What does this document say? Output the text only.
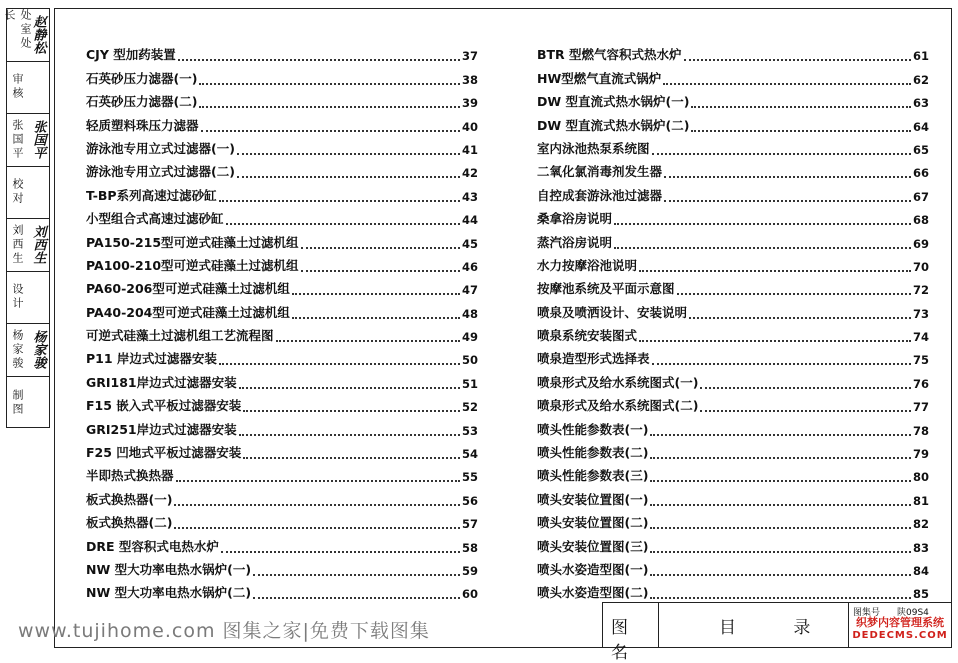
处室处长	赵静松
审核
张国平 张国平
校对
刘西生 刘西生
设计
杨家骏 杨家骏
制图
CJY 型加药装置	37
石英砂压力滤器(一)	38
石英砂压力滤器(二)	39
轻质塑料珠压力滤器	40
游泳池专用立式过滤器(一)	41
游泳池专用立式过滤器(二)	42
T-BP系列高速过滤砂缸	43
小型组合式高速过滤砂缸	44
PA150-215型可逆式硅藻土过滤机组	45
PA100-210型可逆式硅藻土过滤机组	46
PA60-206型可逆式硅藻土过滤机组	47
PA40-204型可逆式硅藻土过滤机组	48
可逆式硅藻土过滤机组工艺流程图	49
P11 岸边式过滤器安装	50
GRI181岸边式过滤器安装	51
F15 嵌入式平板过滤器安装	52
GRI251岸边式过滤器安装	53
F25 凹地式平板过滤器安装	54
半即热式换热器	55
板式换热器(一)	56
板式换热器(二)	57
DRE 型容积式电热水炉	58
NW 型大功率电热水锅炉(一)	59
NW 型大功率电热水锅炉(二)	60
BTR 型燃气容积式热水炉	61
HW型燃气直流式锅炉	62
DW 型直流式热水锅炉(一)	63
DW 型直流式热水锅炉(二)	64
室内泳池热泵系统图	65
二氧化氯消毒剂发生器	66
自控成套游泳池过滤器	67
桑拿浴房说明	68
蒸汽浴房说明	69
水力按摩浴池说明	70
按摩池系统及平面示意图	72
喷泉及喷洒设计、安装说明	73
喷泉系统安装图式	74
喷泉造型形式选择表	75
喷泉形式及给水系统图式(一)	76
喷泉形式及给水系统图式(二)	77
喷头性能参数表(一)	78
喷头性能参数表(二)	79
喷头性能参数表(三)	80
喷头安装位置图(一)	81
喷头安装位置图(二)	82
喷头安装位置图(三)	83
喷头水姿造型图(一)	84
喷头水姿造型图(二)	85
图 名
目 录
图集号 陕09S4
www.tujihome.com 图集之家|免费下载图集	织梦内容管理系统
DEDECMS.COM
